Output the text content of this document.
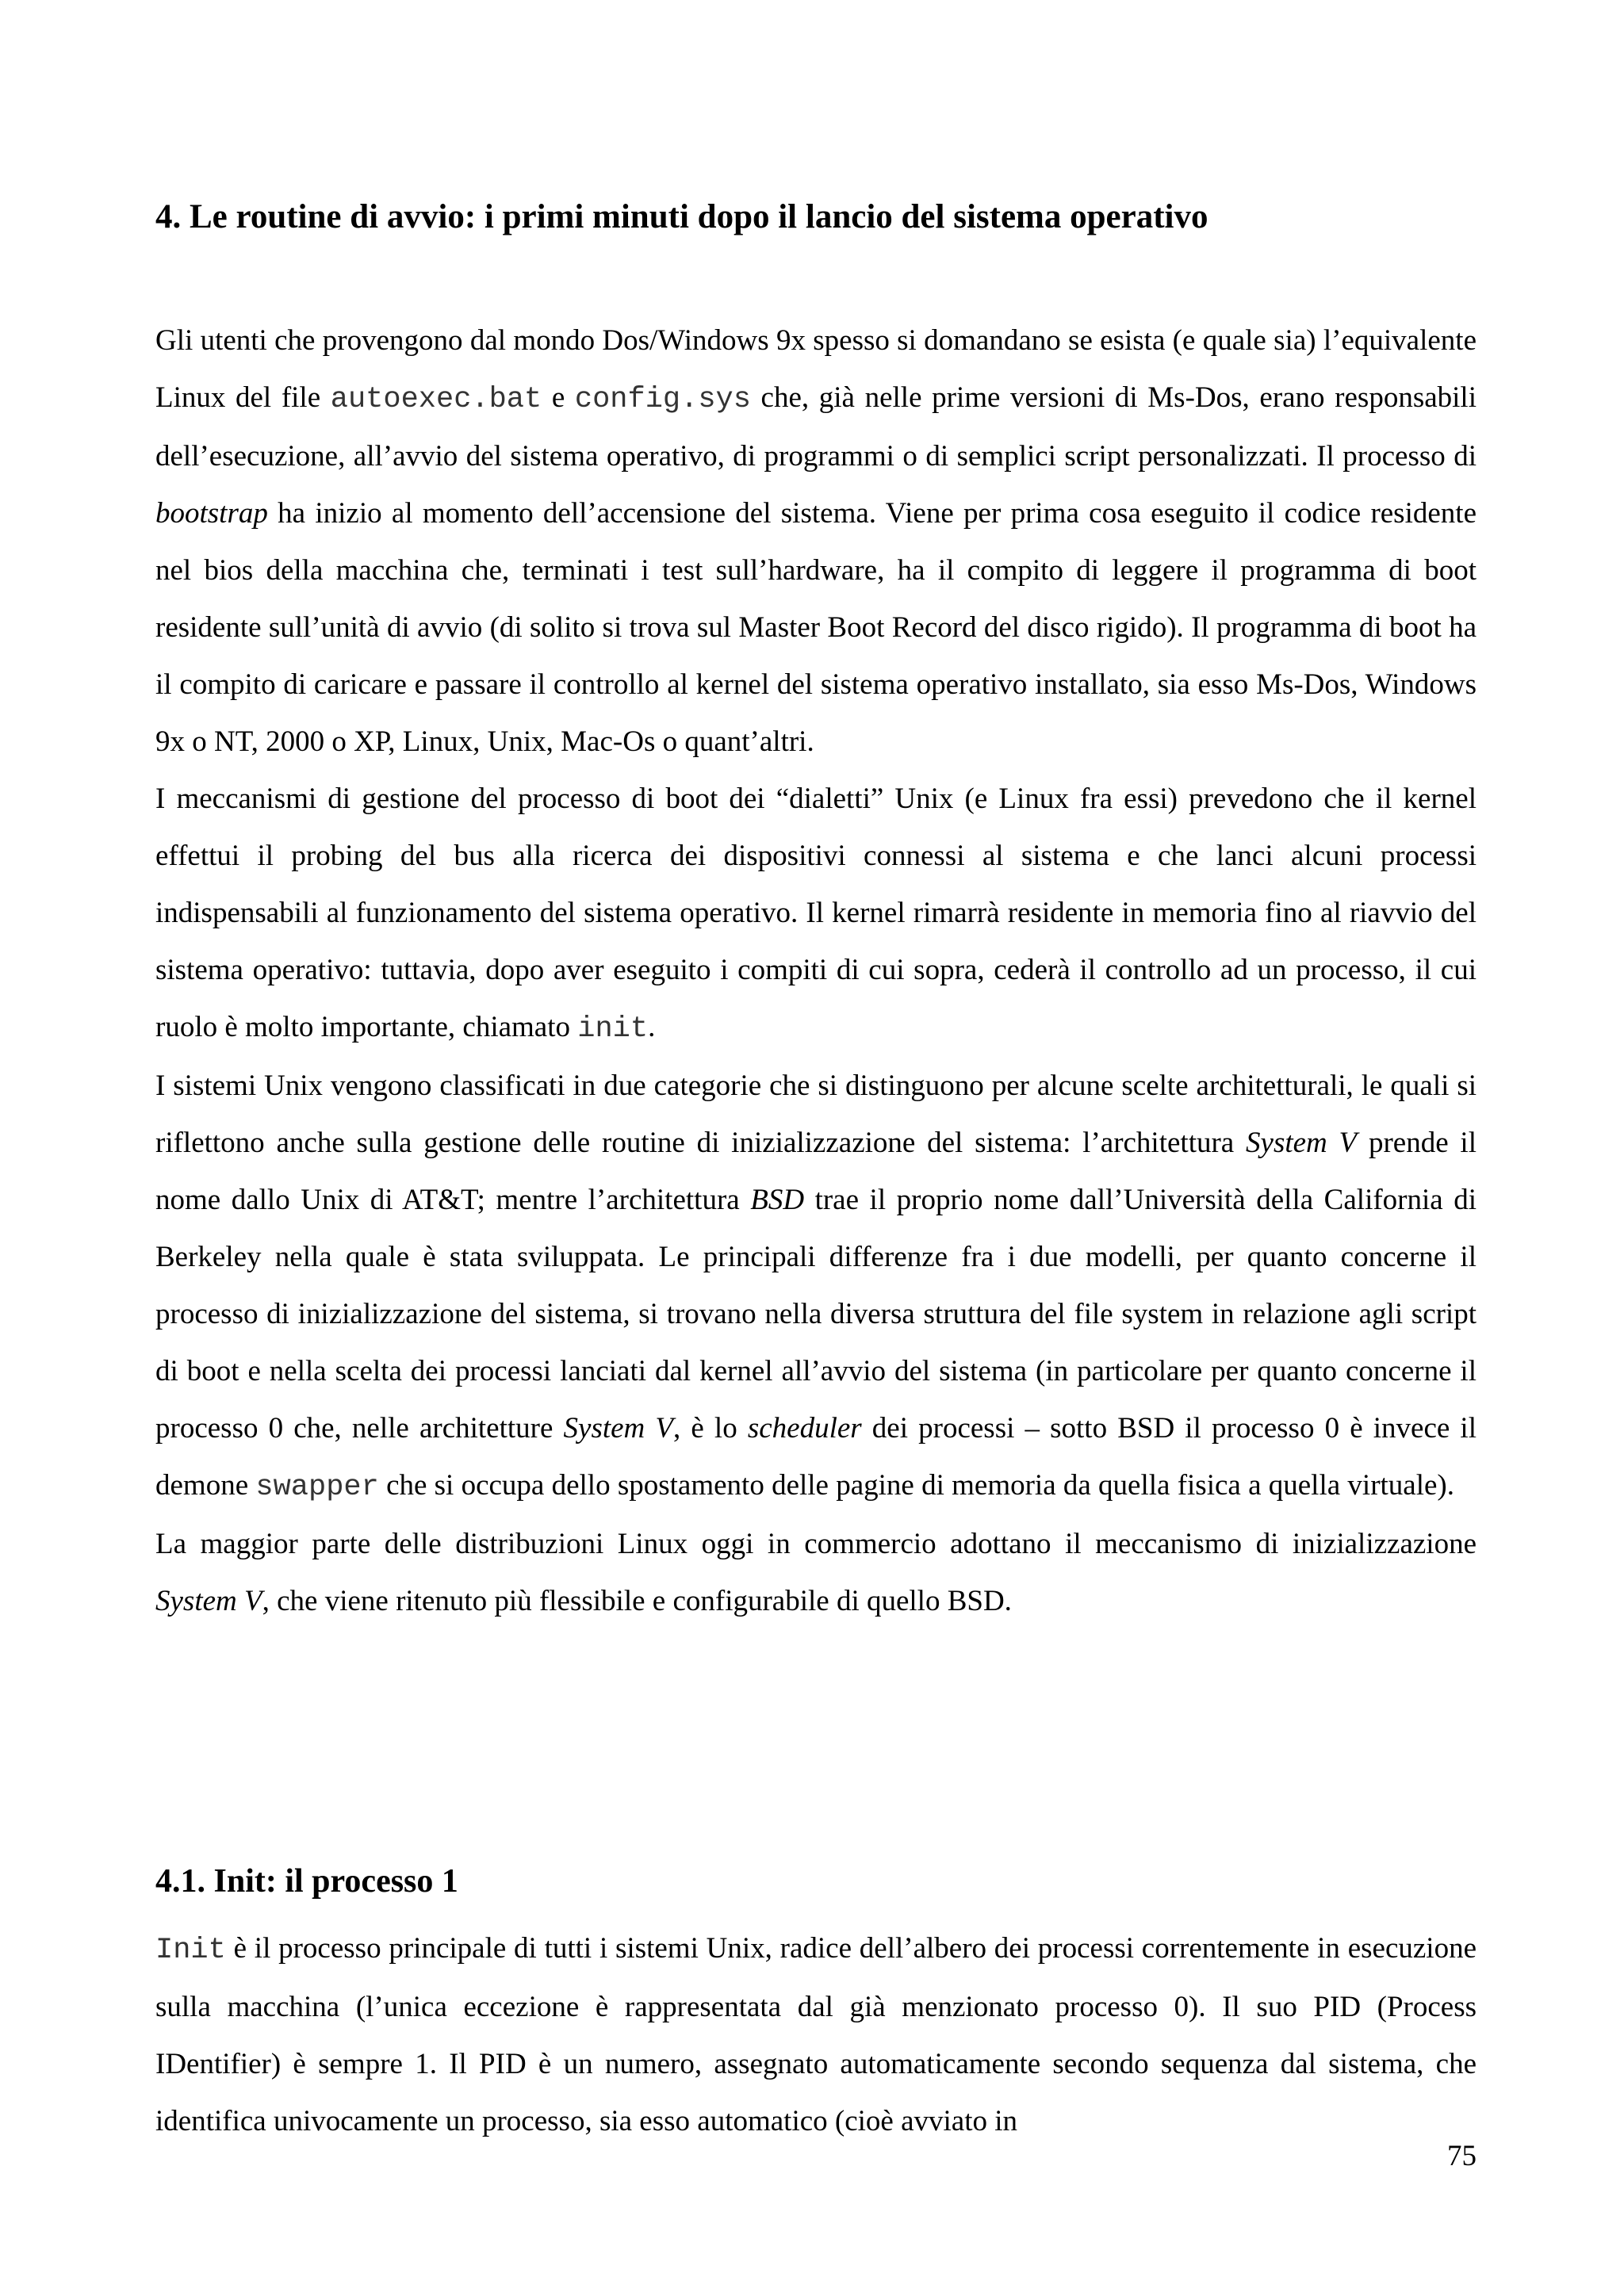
4. Le routine di avvio: i primi minuti dopo il lancio del sistema operativo

Gli utenti che provengono dal mondo Dos/Windows 9x spesso si domandano se esista (e quale sia) l’equivalente Linux del file autoexec.bat e config.sys che, già nelle prime versioni di Ms-Dos, erano responsabili dell’esecuzione, all’avvio del sistema operativo, di programmi o di semplici script personalizzati. Il processo di bootstrap ha inizio al momento dell’accensione del sistema. Viene per prima cosa eseguito il codice residente nel bios della macchina che, terminati i test sull’hardware, ha il compito di leggere il programma di boot residente sull’unità di avvio (di solito si trova sul Master Boot Record del disco rigido). Il programma di boot ha il compito di caricare e passare il controllo al kernel del sistema operativo installato, sia esso Ms-Dos, Windows 9x o NT, 2000 o XP, Linux, Unix, Mac-Os o quant’altri.

I meccanismi di gestione del processo di boot dei “dialetti” Unix (e Linux fra essi) prevedono che il kernel effettui il probing del bus alla ricerca dei dispositivi connessi al sistema e che lanci alcuni processi indispensabili al funzionamento del sistema operativo. Il kernel rimarrà residente in memoria fino al riavvio del sistema operativo: tuttavia, dopo aver eseguito i compiti di cui sopra, cederà il controllo ad un processo, il cui ruolo è molto importante, chiamato init.

I sistemi Unix vengono classificati in due categorie che si distinguono per alcune scelte architetturali, le quali si riflettono anche sulla gestione delle routine di inizializzazione del sistema: l’architettura System V prende il nome dallo Unix di AT&T; mentre l’architettura BSD trae il proprio nome dall’Università della California di Berkeley nella quale è stata sviluppata. Le principali differenze fra i due modelli, per quanto concerne il processo di inizializzazione del sistema, si trovano nella diversa struttura del file system in relazione agli script di boot e nella scelta dei processi lanciati dal kernel all’avvio del sistema (in particolare per quanto concerne il processo 0 che, nelle architetture System V, è lo scheduler dei processi – sotto BSD il processo 0 è invece il demone swapper che si occupa dello spostamento delle pagine di memoria da quella fisica a quella virtuale).

La maggior parte delle distribuzioni Linux oggi in commercio adottano il meccanismo di inizializzazione System V, che viene ritenuto più flessibile e configurabile di quello BSD.

4.1. Init: il processo 1

Init è il processo principale di tutti i sistemi Unix, radice dell’albero dei processi correntemente in esecuzione sulla macchina (l’unica eccezione è rappresentata dal già menzionato processo 0). Il suo PID (Process IDentifier) è sempre 1. Il PID è un numero, assegnato automaticamente secondo sequenza dal sistema, che identifica univocamente un processo, sia esso automatico (cioè avviato in

75
